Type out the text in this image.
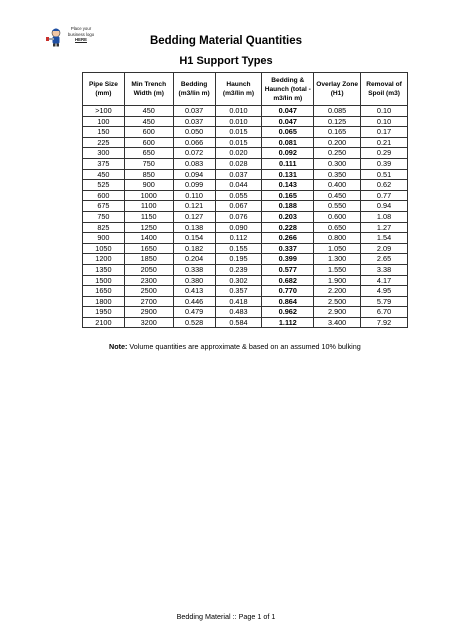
Place your
business logo
HERE	Bedding Material Quantities
H1 Support Types
Pipe Size (mm)	Min Trench Width (m)	Bedding (m3/lin m)	Haunch (m3/lin m)	Bedding & Haunch (total - m3/lin m)	Overlay Zone (H1)	Removal of Spoil (m3)
>100	450	0.037	0.010	0.047	0.085	0.10
100	450	0.037	0.010	0.047	0.125	0.10
150	600	0.050	0.015	0.065	0.165	0.17
225	600	0.066	0.015	0.081	0.200	0.21
300	650	0.072	0.020	0.092	0.250	0.29
375	750	0.083	0.028	0.111	0.300	0.39
450	850	0.094	0.037	0.131	0.350	0.51
525	900	0.099	0.044	0.143	0.400	0.62
600	1000	0.110	0.055	0.165	0.450	0.77
675	1100	0.121	0.067	0.188	0.550	0.94
750	1150	0.127	0.076	0.203	0.600	1.08
825	1250	0.138	0.090	0.228	0.650	1.27
900	1400	0.154	0.112	0.266	0.800	1.54
1050	1650	0.182	0.155	0.337	1.050	2.09
1200	1850	0.204	0.195	0.399	1.300	2.65
1350	2050	0.338	0.239	0.577	1.550	3.38
1500	2300	0.380	0.302	0.682	1.900	4.17
1650	2500	0.413	0.357	0.770	2.200	4.95
1800	2700	0.446	0.418	0.864	2.500	5.79
1950	2900	0.479	0.483	0.962	2.900	6.70
2100	3200	0.528	0.584	1.112	3.400	7.92
Note: Volume quantities are approximate & based on an assumed 10% bulking
Bedding Material :: Page 1 of 1
